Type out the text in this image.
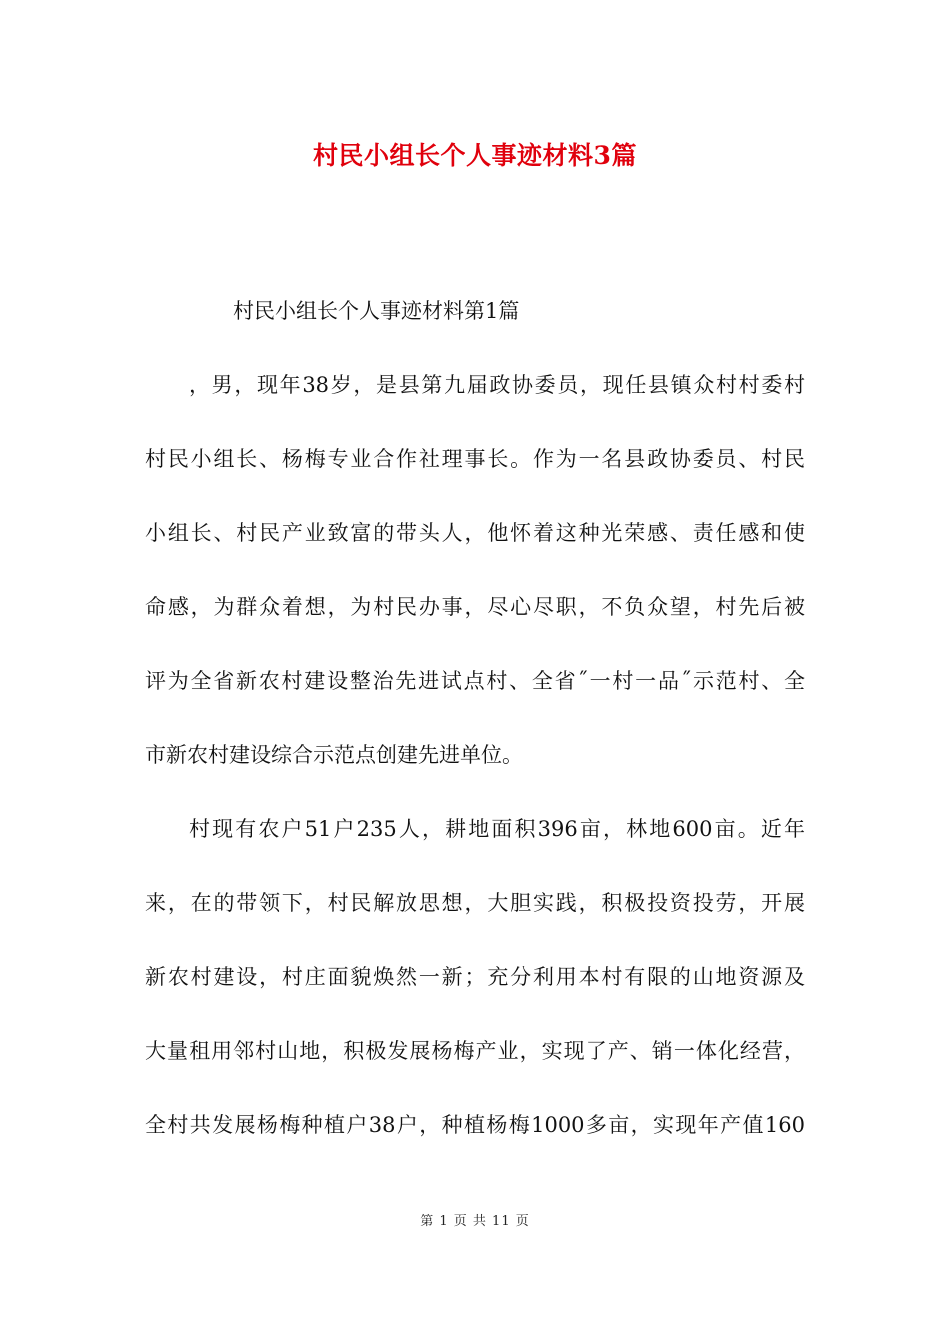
村民小组长个人事迹材料3篇
村民小组长个人事迹材料第1篇
，男，现年38岁，是县第九届政协委员，现任县镇众村村委村
村民小组长、杨梅专业合作社理事长。作为一名县政协委员、村民
小组长、村民产业致富的带头人，他怀着这种光荣感、责任感和使
命感，为群众着想，为村民办事，尽心尽职，不负众望，村先后被
评为全省新农村建设整治先进试点村、全省˝一村一品˝示范村、全
市新农村建设综合示范点创建先进单位。
村现有农户51户235人，耕地面积396亩，林地600亩。近年
来，在的带领下，村民解放思想，大胆实践，积极投资投劳，开展
新农村建设，村庄面貌焕然一新；充分利用本村有限的山地资源及
大量租用邻村山地，积极发展杨梅产业，实现了产、销一体化经营，
全村共发展杨梅种植户38户，种植杨梅1000多亩，实现年产值160
第 1 页 共 11 页
